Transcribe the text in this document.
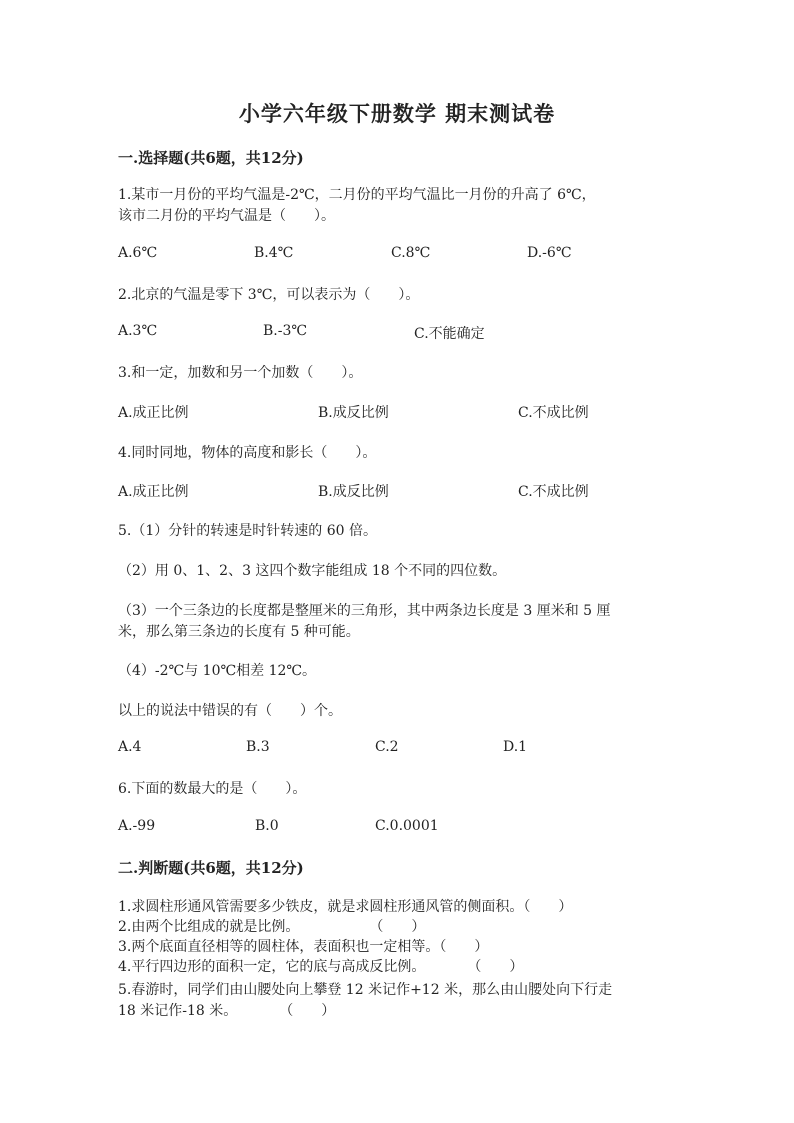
小学六年级下册数学 期末测试卷
一.选择题(共6题，共12分)
1.某市一月份的平均气温是-2℃，二月份的平均气温比一月份的升高了 6℃，
该市二月份的平均气温是（　　）。
A.6℃	B.4℃	C.8℃	D.-6℃
2.北京的气温是零下 3℃，可以表示为（　　）。
A.3℃	B.-3℃	C.不能确定
3.和一定，加数和另一个加数（　　）。
A.成正比例	B.成反比例	C.不成比例
4.同时同地，物体的高度和影长（　　）。
A.成正比例	B.成反比例	C.不成比例
5.（1）分针的转速是时针转速的 60 倍。
（2）用 0、1、2、3 这四个数字能组成 18 个不同的四位数。
（3）一个三条边的长度都是整厘米的三角形，其中两条边长度是 3 厘米和 5 厘
米，那么第三条边的长度有 5 种可能。
（4）-2℃与 10℃相差 12℃。
以上的说法中错误的有（　　）个。
A.4	B.3	C.2	D.1
6.下面的数最大的是（　　）。
A.-99	B.0	C.0.0001
二.判断题(共6题，共12分)
1.求圆柱形通风管需要多少铁皮，就是求圆柱形通风管的侧面积。（　　）
2.由两个比组成的就是比例。　　　　　　（　　）
3.两个底面直径相等的圆柱体，表面积也一定相等。（　　）
4.平行四边形的面积一定，它的底与高成反比例。　　　　（　　）
5.春游时，同学们由山腰处向上攀登 12 米记作+12 米，那么由山腰处向下行走
18 米记作-18 米。　　　　（　　）
